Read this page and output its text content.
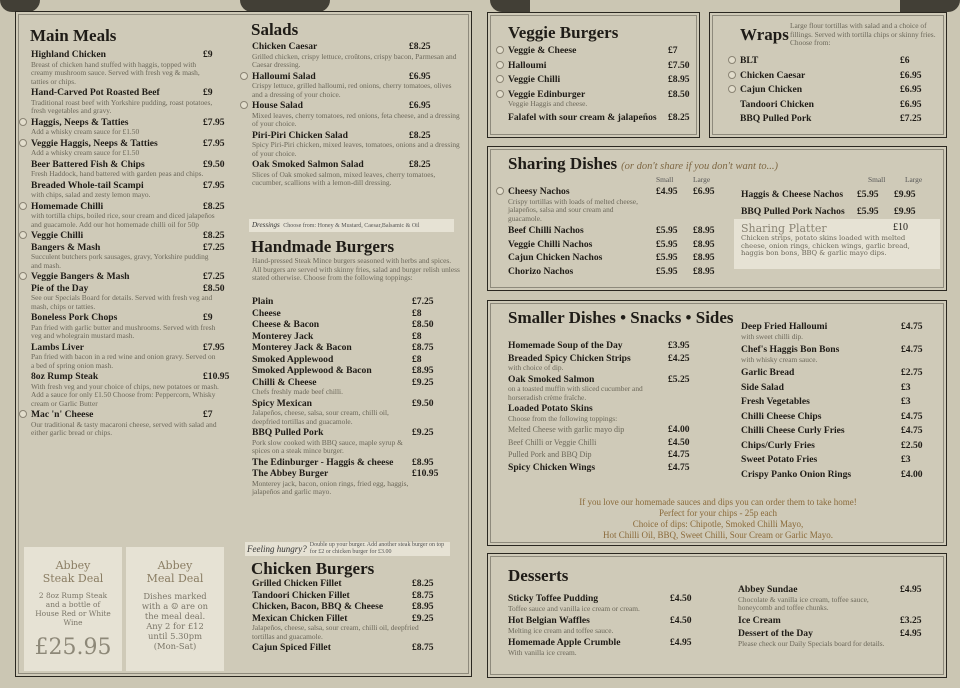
Main Meals
Highland Chicken	£9
Breast of chicken hand stuffed with haggis, topped with creamy mushroom sauce. Served with fresh veg & mash, tatties or chips.
Hand-Carved Pot Roasted Beef	£9
Traditional roast beef with Yorkshire pudding, roast potatoes, fresh vegetables and gravy.
Haggis, Neeps & Tatties	£7.95
Add a whisky cream sauce for £1.50
Veggie Haggis, Neeps & Tatties	£7.95
Add a whisky cream sauce for £1.50
Beer Battered Fish & Chips	£9.50
Fresh Haddock, hand battered with garden peas and chips.
Breaded Whole-tail Scampi	£7.95
with chips, salad and zesty lemon mayo.
Homemade Chilli	£8.25
with tortilla chips, boiled rice, sour cream and diced jalapeños and guacamole. Add our hot homemade chilli oil for 50p
Veggie Chilli	£8.25
Bangers & Mash	£7.25
Succulent butchers pork sausages, gravy, Yorkshire pudding and mash.
Veggie Bangers & Mash	£7.25
Pie of the Day	£8.50
See our Specials Board for details. Served with fresh veg and mash, chips or tatties.
Boneless Pork Chops	£9
Pan fried with garlic butter and mushrooms. Served with fresh veg and wholegrain mustard mash.
Lambs Liver	£7.95
Pan fried with bacon in a red wine and onion gravy. Served on a bed of spring onion mash.
8oz Rump Steak	£10.95
With fresh veg and your choice of chips, new potatoes or mash. Add a sauce for only £1.50 Choose from: Peppercorn, Whisky cream or Garlic Butter
Mac 'n' Cheese	£7
Our traditional & tasty macaroni cheese, served with salad and either garlic bread or chips.
Abbey
Steak Deal
2 8oz Rump Steak and a bottle of House Red or White Wine
£25.95
Abbey
Meal Deal
Dishes marked with a ☺ are on the meal deal. Any 2 for £12 until 5.30pm (Mon-Sat)
Salads
Chicken Caesar	£8.25
Grilled chicken, crispy lettuce, croûtons, crispy bacon, Parmesan and Caesar dressing.
Halloumi Salad	£6.95
Crispy lettuce, grilled halloumi, red onions, cherry tomatoes, olives and a dressing of your choice.
House Salad	£6.95
Mixed leaves, cherry tomatoes, red onions, feta cheese, and a dressing of your choice.
Piri-Piri Chicken Salad	£8.25
Spicy Piri-Piri chicken, mixed leaves, tomatoes, onions and a dressing of your choice.
Oak Smoked Salmon Salad	£8.25
Slices of Oak smoked salmon, mixed leaves, cherry tomatoes, cucumber, scallions with a lemon-dill dressing.
Dressings Choose from: Honey & Mustard, Caesar,Balsamic & Oil
Handmade Burgers
Hand-pressed Steak Mince burgers seasoned with herbs and spices. All burgers are served with skinny fries, salad and burger relish unless stated otherwise. Choose from the following toppings:
Plain	£7.25
Cheese	£8
Cheese & Bacon	£8.50
Monterey Jack	£8
Monterey Jack & Bacon	£8.75
Smoked Applewood	£8
Smoked Applewood & Bacon	£8.95
Chilli & Cheese	£9.25
Chefs freshly made beef chilli.
Spicy Mexican	£9.50
Jalapeños, cheese, salsa, sour cream, chilli oil, deepfried tortillas and guacamole.
BBQ Pulled Pork	£9.25
Pork slow cooked with BBQ sauce, maple syrup & spices on a steak mince burger.
The Edinburger - Haggis & cheese £8.95
The Abbey Burger	£10.95
Monterey jack, bacon, onion rings, fried egg, haggis, jalapeños and garlic mayo.
Feeling hungry? Double up your burger. Add another steak burger on top for £2 or chicken burger for £3.00
Chicken Burgers
Grilled Chicken Fillet	£8.25
Tandoori Chicken Fillet	£8.75
Chicken, Bacon, BBQ & Cheese	£8.95
Mexican Chicken Fillet	£9.25
Jalapeños, cheese, salsa, sour cream, chilli oil, deepfried tortillas and guacamole.
Cajun Spiced Fillet	£8.75
Veggie Burgers
Veggie & Cheese	£7
Halloumi	£7.50
Veggie Chilli	£8.95
Veggie Edinburger	£8.50
Veggie Haggis and cheese.
Falafel with sour cream & jalapeños £8.25
Wraps Large flour tortillas with salad and a choice of fillings. Served with tortilla chips or skinny fries. Choose from:
BLT	£6
Chicken Caesar	£6.95
Cajun Chicken	£6.95
Tandoori Chicken	£6.95
BBQ Pulled Pork	£7.25
Sharing Dishes (or don't share if you don't want to...)
Small	Large	Small	Large
Cheesy Nachos	£4.95 £6.95
Crispy tortillas with loads of melted cheese, jalapeños, salsa and sour cream and guacamole.
Beef Chilli Nachos	£5.95 £8.95
Veggie Chilli Nachos	£5.95 £8.95
Cajun Chicken Nachos	£5.95 £8.95
Chorizo Nachos	£5.95 £8.95
Haggis & Cheese Nachos £5.95 £9.95
BBQ Pulled Pork Nachos £5.95 £9.95
Sharing Platter	£10
Chicken strips, potato skins loaded with melted cheese, onion rings, chicken wings, garlic bread, haggis bon bons, BBQ & garlic mayo dips.
Smaller Dishes • Snacks • Sides
Homemade Soup of the Day	£3.95
Breaded Spicy Chicken Strips	£4.25
with choice of dip.
Oak Smoked Salmon	£5.25
on a toasted muffin with sliced cucumber and horseradish crème fraîche.
Loaded Potato Skins
Choose from the following toppings:
Melted Cheese with garlic mayo dip	£4.00
Beef Chilli or Veggie Chilli	£4.50
Pulled Pork and BBQ Dip	£4.75
Spicy Chicken Wings	£4.75
Deep Fried Halloumi	£4.75
with sweet chilli dip.
Chef's Haggis Bon Bons	£4.75
with whisky cream sauce.
Garlic Bread	£2.75
Side Salad	£3
Fresh Vegetables	£3
Chilli Cheese Chips	£4.75
Chilli Cheese Curly Fries	£4.75
Chips/Curly Fries	£2.50
Sweet Potato Fries	£3
Crispy Panko Onion Rings	£4.00
If you love our homemade sauces and dips you can order them to take home!
Perfect for your chips - 25p each
Choice of dips: Chipotle, Smoked Chilli Mayo,
Hot Chilli Oil, BBQ, Sweet Chilli, Sour Cream or Garlic Mayo.
Desserts
Sticky Toffee Pudding	£4.50
Toffee sauce and vanilla ice cream or cream.
Hot Belgian Waffles	£4.50
Melting ice cream and toffee sauce.
Homemade Apple Crumble	£4.95
With vanilla ice cream.
Abbey Sundae	£4.95
Chocolate & vanilla ice cream, toffee sauce, honeycomb and toffee chunks.
Ice Cream	£3.25
Dessert of the Day	£4.95
Please check our Daily Specials board for details.
